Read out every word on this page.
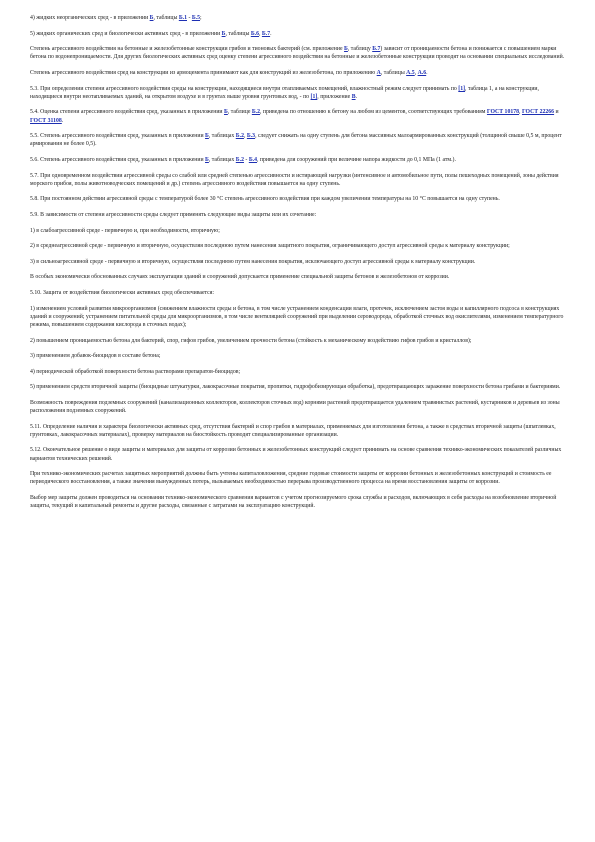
4) жидких неорганических сред - в приложении Б, таблицы Б.1 - Б.5;

5) жидких органических сред и биологически активных сред - в приложении Б, таблицы Б.6, Б.7.

Степень агрессивного воздействия на бетонные и железобетонные конструкции грибов и тионовых бактерий (см. приложение Б, таблицу Б.7) зависит от проницаемости бетона и понижается с повышением марки бетона по водонепроницаемости. Для других биологических активных сред оценку степени агрессивного воздействия на бетонные и железобетонные конструкции проводят на основании специальных исследований.

Степень агрессивного воздействия сред на конструкции из армоцемента принимают как для конструкций из железобетона, по приложению А, таблицы А.5, А.6.

5.3. При определении степени агрессивного воздействия среды на конструкции, находящиеся внутри отапливаемых помещений, влажностный режим следует принимать по [1], таблица 1, а на конструкции, находящиеся внутри неотапливаемых зданий, на открытом воздухе и в грунтах выше уровня грунтовых вод, - по [1], приложение В.

5.4. Оценка степени агрессивного воздействия сред, указанных в приложении Б, таблице Б.2, приведена по отношению к бетону на любом из цементов, соответствующих требованиям ГОСТ 10178, ГОСТ 22266 и ГОСТ 31108.

5.5. Степень агрессивного воздействия сред, указанных в приложении Б, таблицах Б.2, Б.3, следует снижать на одну ступень для бетона массивных малоармированных конструкций (толщиной свыше 0,5 м, процент армирования не более 0,5).

5.6. Степень агрессивного воздействия сред, указанных в приложении Б, таблицах Б.2 - Б.4, приведена для сооружений при величине напора жидкости до 0,1 МПа (1 атм.).

5.7. При одновременном воздействии агрессивной среды со слабой или средней степенью агрессивности и истирающей нагрузки (интенсивное и автомобильное пути, полы пешеходных помещений, зоны действия морского прибоя, полы животноводческих помещений и др.) степень агрессивного воздействия повышается на одну ступень.

5.8. При постоянном действии агрессивной среды с температурой более 30 °C степень агрессивного воздействия при каждом увеличении температуры на 10 °C повышается на одну ступень.

5.9. В зависимости от степени агрессивности среды следует применять следующие виды защиты или их сочетание:

1) в слабоагрессивной среде - первичную и, при необходимости, вторичную;

2) в среднеагрессивной среде - первичную и вторичную, осуществляя последнюю путем нанесения защитного покрытия, ограничивающего доступ агрессивной среды к материалу конструкции;

3) в сильноагрессивной среде - первичную и вторичную, осуществляя последнюю путем нанесения покрытия, исключающего доступ агрессивной среды к материалу конструкции.

В особых экономически обоснованных случаях эксплуатации зданий и сооружений допускается применение специальной защиты бетонов и железобетонов от коррозии.

5.10. Защита от воздействия биологически активных сред обеспечивается:

1) изменением условий развития микроорганизмов (снижением влажности среды и бетона, в том числе устранением конденсации влаги, протечек, исключением застоя воды и капиллярного подсоса в конструкциях зданий и сооружений; устранением питательной среды для микроорганизмов, в том числе вентиляцией сооружений при выделении сероводорода, обработкой сточных вод окислителями, изменением температурного режима, повышением содержания кислорода в сточных водах);

2) повышением проницаемостью бетона для бактерий, спор, гифов грибов, увеличением прочности бетона (стойкость к механическому воздействию гифов грибов и кристаллов);

3) применением добавок-биоцидов в составе бетона;

4) периодической обработкой поверхности бетона растворами препаратов-биоцидов;

5) применением средств вторичной защиты (биоцидные штукатурки, лакокрасочные покрытия, пропитки, гидрофобизирующая обработка), предотвращающих заражение поверхности бетона грибами и бактериями.

Возможность повреждения подземных сооружений (канализационных коллекторов, коллекторов сточных вод) корнями растений предотвращается удалением травянистых растений, кустарников и деревьев из зоны расположения подземных сооружений.

5.11. Определение наличия и характера биологически активных сред, отсутствия бактерий и спор грибов в материалах, применяемых для изготовления бетона, а также в средствах вторичной защиты (шпатлевках, грунтовках, лакокрасочных материалах), проверку материалов на биостойкость проводят специализированные организации.

5.12. Окончательное решение о виде защиты и материалах для защиты от коррозии бетонных и железобетонных конструкций следует принимать на основе сравнения технико-экономических показателей различных вариантов технических решений.

При технико-экономических расчетах защитных мероприятий должны быть учтены капиталовложения, средние годовые стоимости защиты от коррозии бетонных и железобетонных конструкций и стоимость ее периодического восстановления, а также значения вынужденных потерь, вызываемых необходимостью перерыва производственного процесса на время восстановления защиты от коррозии.

Выбор мер защиты должен проводиться на основании технико-экономического сравнения вариантов с учетом прогнозируемого срока службы и расходов, включающих в себя расходы на возобновление вторичной защиты, текущий и капитальный ремонты и другие расходы, связанные с затратами на эксплуатацию конструкций.
